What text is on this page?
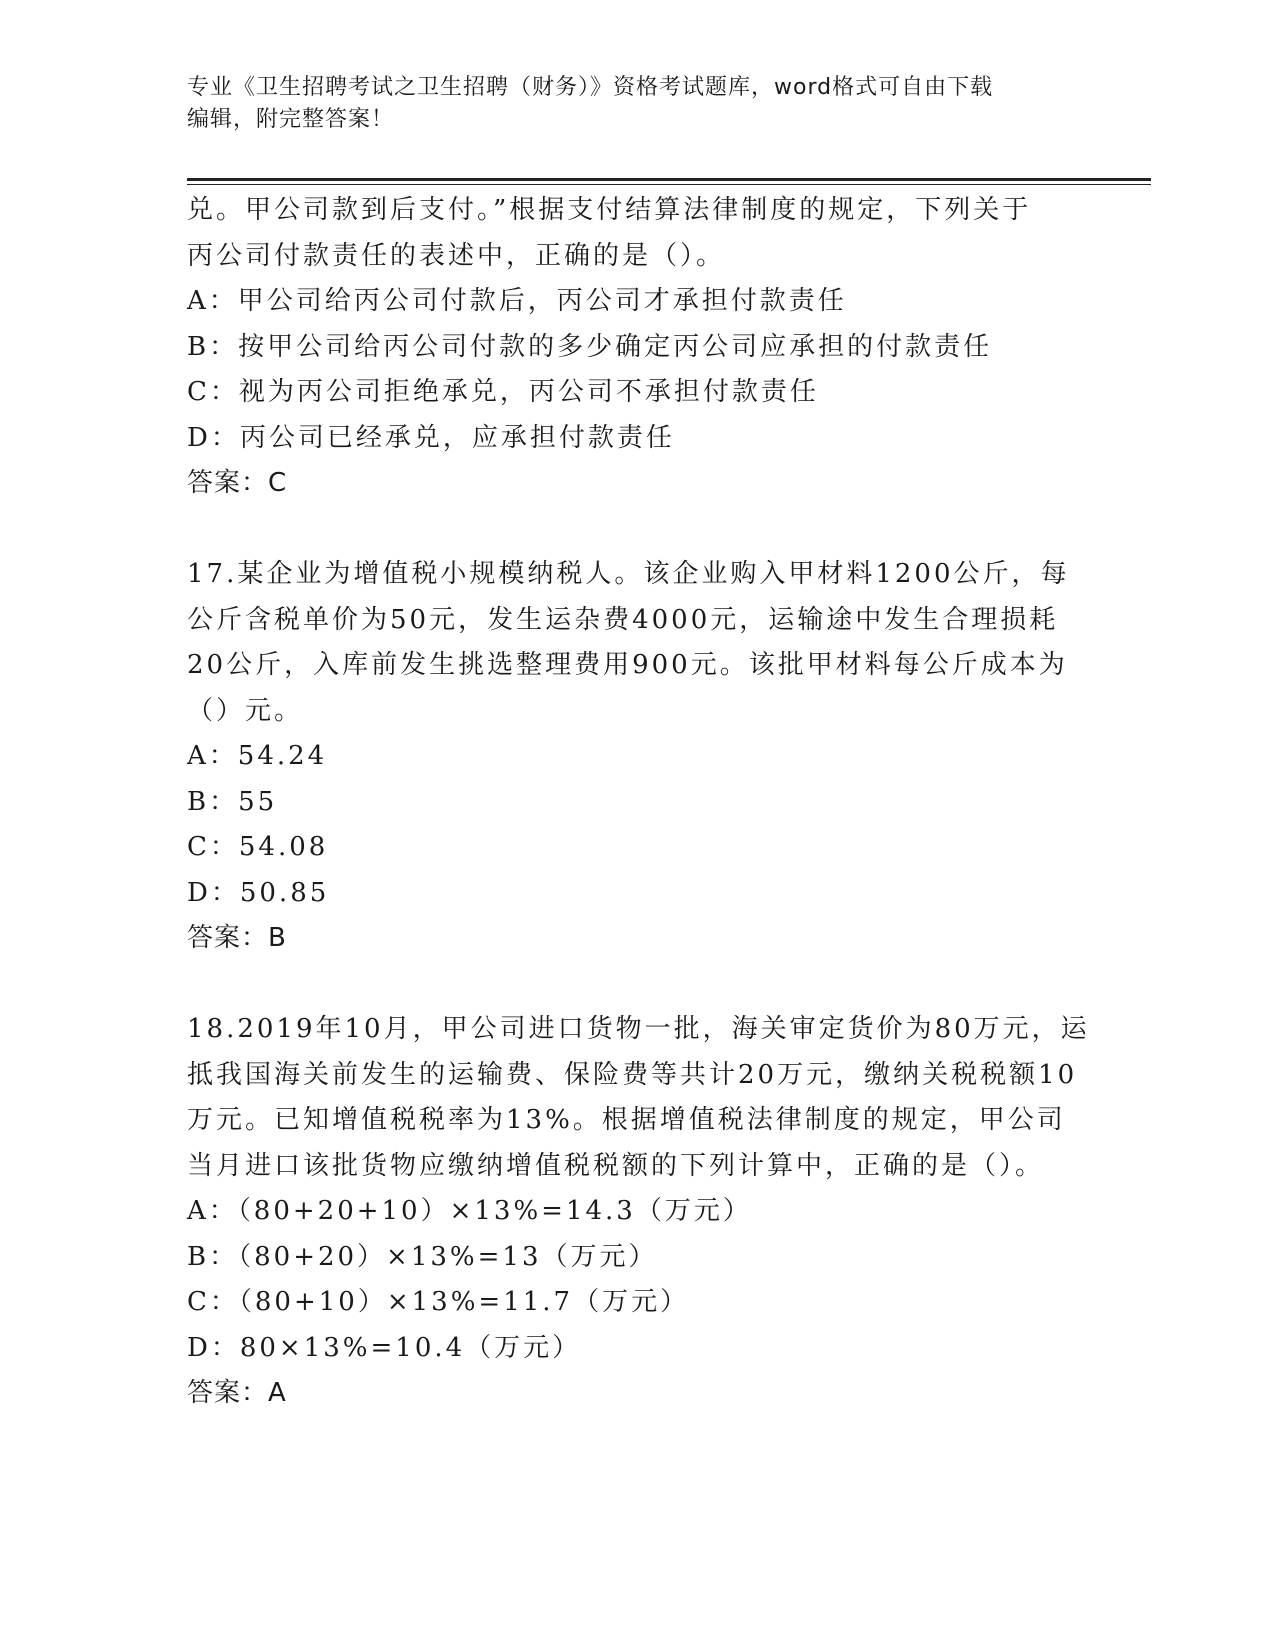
专业《卫生招聘考试之卫生招聘（财务）》资格考试题库，word格式可自由下载
编辑，附完整答案！
兑。甲公司款到后支付。”根据支付结算法律制度的规定，下列关于
丙公司付款责任的表述中，正确的是（）。
A：甲公司给丙公司付款后，丙公司才承担付款责任
B：按甲公司给丙公司付款的多少确定丙公司应承担的付款责任
C：视为丙公司拒绝承兑，丙公司不承担付款责任
D：丙公司已经承兑，应承担付款责任
答案：C
17.某企业为增值税小规模纳税人。该企业购入甲材料1200公斤，每
公斤含税单价为50元，发生运杂费4000元，运输途中发生合理损耗
20公斤，入库前发生挑选整理费用900元。该批甲材料每公斤成本为
（）元。
A：54.24
B：55
C：54.08
D：50.85
答案：B
18.2019年10月，甲公司进口货物一批，海关审定货价为80万元，运
抵我国海关前发生的运输费、保险费等共计20万元，缴纳关税税额10
万元。已知增值税税率为13%。根据增值税法律制度的规定，甲公司
当月进口该批货物应缴纳增值税税额的下列计算中，正确的是（）。
A：（80+20+10）×13%=14.3（万元）
B：（80+20）×13%=13（万元）
C：（80+10）×13%=11.7（万元）
D：80×13%=10.4（万元）
答案：A
